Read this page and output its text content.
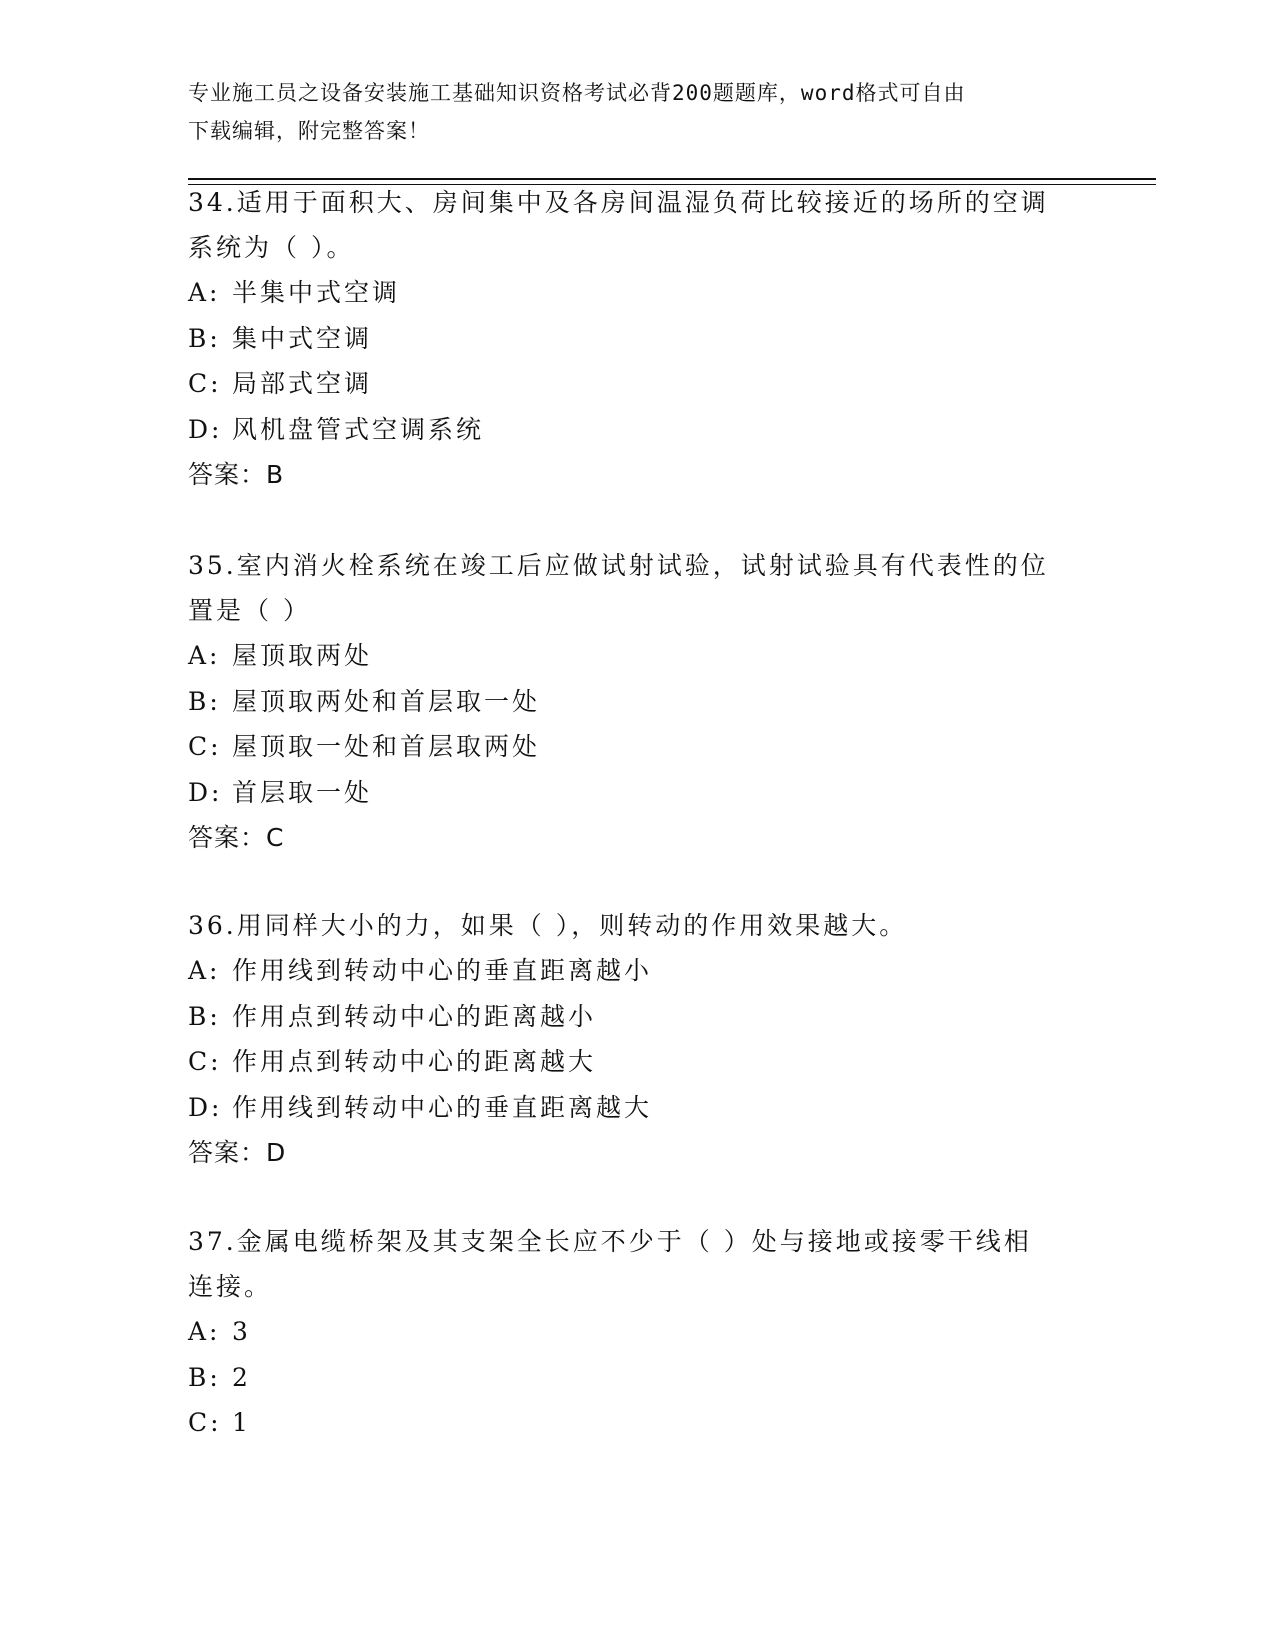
专业施工员之设备安装施工基础知识资格考试必背200题题库，word格式可自由
下载编辑，附完整答案！
34.适用于面积大、房间集中及各房间温湿负荷比较接近的场所的空调
系统为（ ）。
A: 半集中式空调
B: 集中式空调
C: 局部式空调
D: 风机盘管式空调系统
答案：B
35.室内消火栓系统在竣工后应做试射试验，试射试验具有代表性的位
置是（ ）
A: 屋顶取两处
B: 屋顶取两处和首层取一处
C: 屋顶取一处和首层取两处
D: 首层取一处
答案：C
36.用同样大小的力，如果（ ），则转动的作用效果越大。
A: 作用线到转动中心的垂直距离越小
B: 作用点到转动中心的距离越小
C: 作用点到转动中心的距离越大
D: 作用线到转动中心的垂直距离越大
答案：D
37.金属电缆桥架及其支架全长应不少于（ ）处与接地或接零干线相
连接。
A: 3
B: 2
C: 1
